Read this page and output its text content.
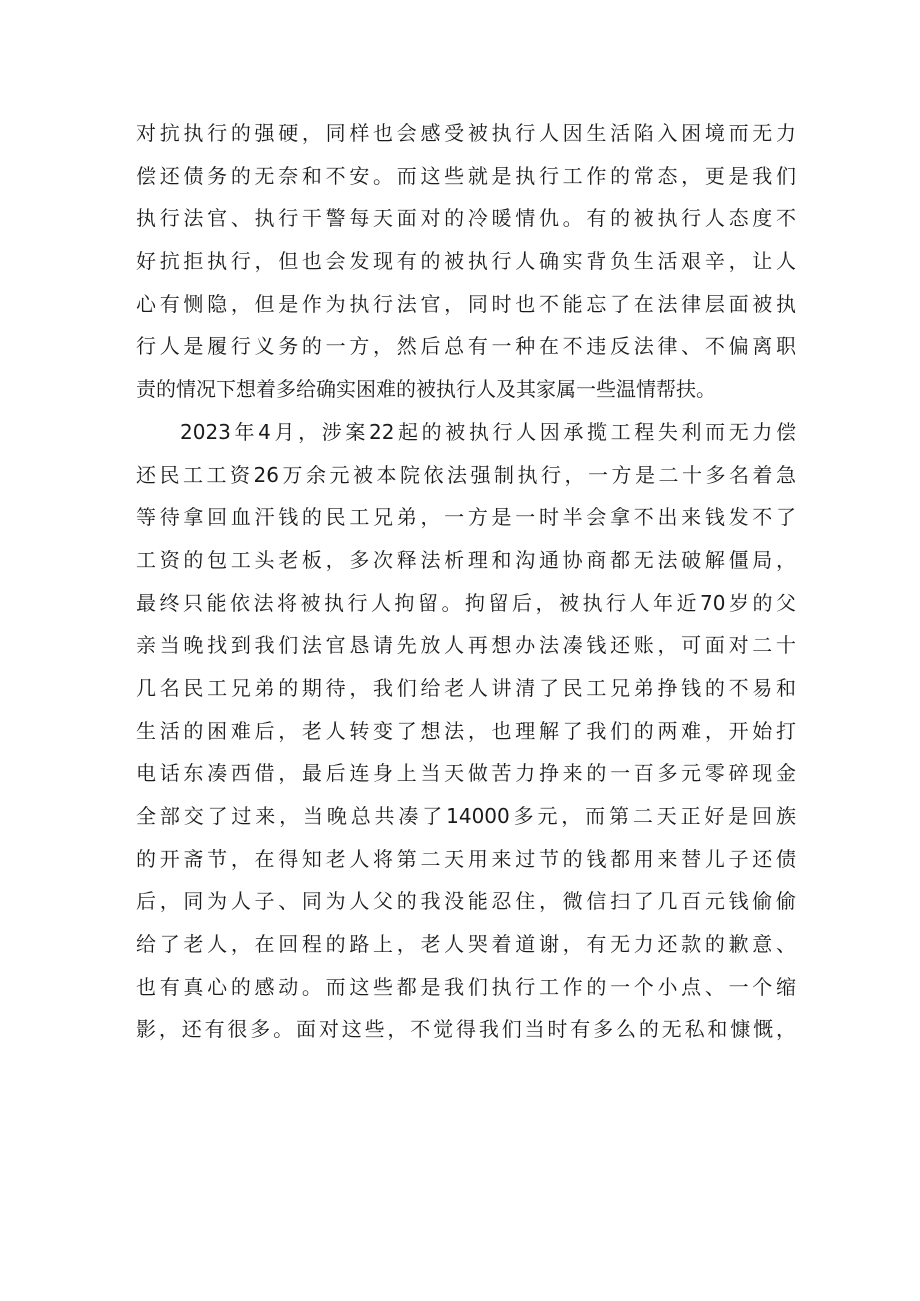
对抗执行的强硬，同样也会感受被执行人因生活陷入困境而无力
偿还债务的无奈和不安。而这些就是执行工作的常态，更是我们
执行法官、执行干警每天面对的冷暖情仇。有的被执行人态度不
好抗拒执行，但也会发现有的被执行人确实背负生活艰辛，让人
心有恻隐，但是作为执行法官，同时也不能忘了在法律层面被执
行人是履行义务的一方，然后总有一种在不违反法律、不偏离职
责的情况下想着多给确实困难的被执行人及其家属一些温情帮扶。
2023年4月，涉案22起的被执行人因承揽工程失利而无力偿
还民工工资26万余元被本院依法强制执行，一方是二十多名着急
等待拿回血汗钱的民工兄弟，一方是一时半会拿不出来钱发不了
工资的包工头老板，多次释法析理和沟通协商都无法破解僵局，
最终只能依法将被执行人拘留。拘留后，被执行人年近70岁的父
亲当晚找到我们法官恳请先放人再想办法凑钱还账，可面对二十
几名民工兄弟的期待，我们给老人讲清了民工兄弟挣钱的不易和
生活的困难后，老人转变了想法，也理解了我们的两难，开始打
电话东凑西借，最后连身上当天做苦力挣来的一百多元零碎现金
全部交了过来，当晚总共凑了14000多元，而第二天正好是回族
的开斋节，在得知老人将第二天用来过节的钱都用来替儿子还债
后，同为人子、同为人父的我没能忍住，微信扫了几百元钱偷偷
给了老人，在回程的路上，老人哭着道谢，有无力还款的歉意、
也有真心的感动。而这些都是我们执行工作的一个小点、一个缩
影，还有很多。面对这些，不觉得我们当时有多么的无私和慷慨，
